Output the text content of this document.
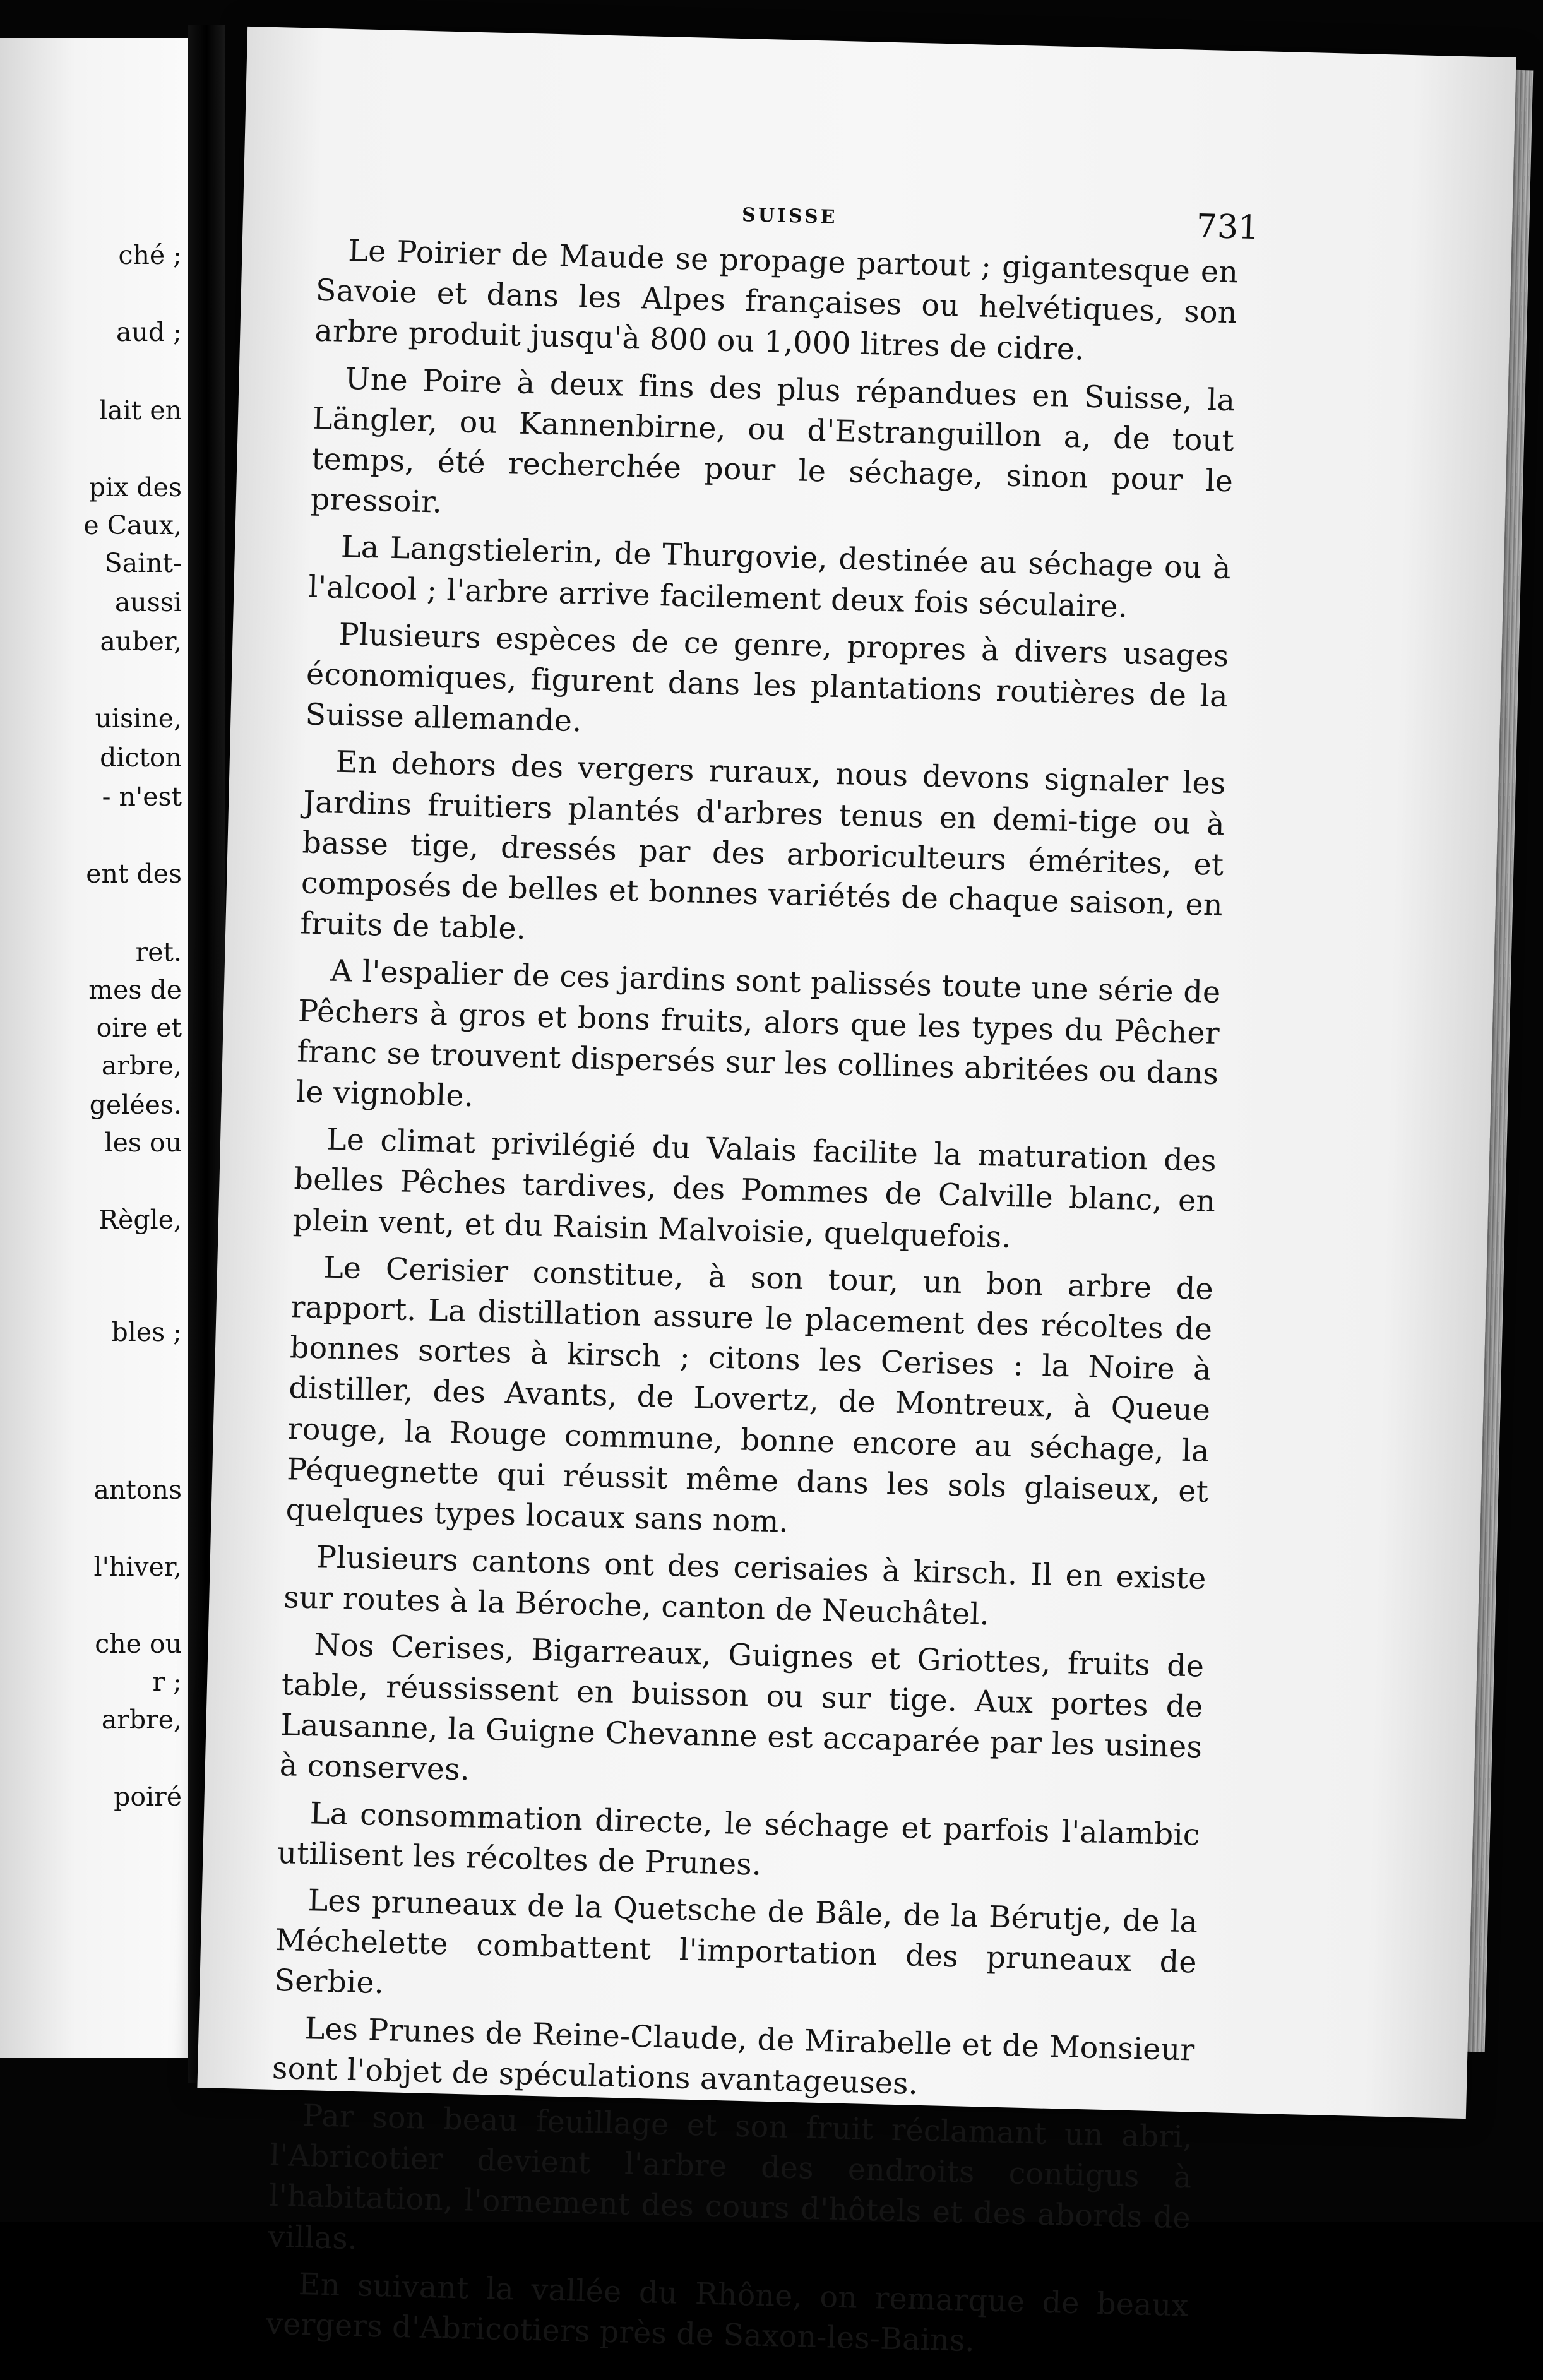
ché ;
aud ;
lait en
pix des
e Caux,
Saint-
aussi
auber,
uisine,
dicton
- n'est
ent des
ret.
mes de
oire et
arbre,
gelées.
les ou
Règle,
bles ;
antons
l'hiver,
che ou
r ;
arbre,
poiré
SUISSE	731

Le Poirier de Maude se propage partout ; gigantesque en Savoie et dans les Alpes françaises ou helvétiques, son arbre produit jusqu'à 800 ou 1,000 litres de cidre.

Une Poire à deux fins des plus répandues en Suisse, la Längler, ou Kannenbirne, ou d'Estranguillon a, de tout temps, été recherchée pour le séchage, sinon pour le pressoir.

La Langstielerin, de Thurgovie, destinée au séchage ou à l'alcool ; l'arbre arrive facilement deux fois séculaire.

Plusieurs espèces de ce genre, propres à divers usages économiques, figurent dans les plantations routières de la Suisse allemande.

En dehors des vergers ruraux, nous devons signaler les Jardins fruitiers plantés d'arbres tenus en demi-tige ou à basse tige, dressés par des arboriculteurs émérites, et composés de belles et bonnes variétés de chaque saison, en fruits de table.

A l'espalier de ces jardins sont palissés toute une série de Pêchers à gros et bons fruits, alors que les types du Pêcher franc se trouvent dispersés sur les collines abritées ou dans le vignoble.

Le climat privilégié du Valais facilite la maturation des belles Pêches tardives, des Pommes de Calville blanc, en plein vent, et du Raisin Malvoisie, quelquefois.

Le Cerisier constitue, à son tour, un bon arbre de rapport. La distillation assure le placement des récoltes de bonnes sortes à kirsch ; citons les Cerises : la Noire à distiller, des Avants, de Lovertz, de Montreux, à Queue rouge, la Rouge commune, bonne encore au séchage, la Péquegnette qui réussit même dans les sols glaiseux, et quelques types locaux sans nom.

Plusieurs cantons ont des cerisaies à kirsch. Il en existe sur routes à la Béroche, canton de Neuchâtel.

Nos Cerises, Bigarreaux, Guignes et Griottes, fruits de table, réussissent en buisson ou sur tige. Aux portes de Lausanne, la Guigne Chevanne est accaparée par les usines à conserves.

La consommation directe, le séchage et parfois l'alambic utilisent les récoltes de Prunes.

Les pruneaux de la Quetsche de Bâle, de la Bérutje, de la Méchelette combattent l'importation des pruneaux de Serbie.

Les Prunes de Reine-Claude, de Mirabelle et de Monsieur sont l'objet de spéculations avantageuses.

Par son beau feuillage et son fruit réclamant un abri, l'Abricotier devient l'arbre des endroits contigus à l'habitation, l'ornement des cours d'hôtels et des abords de villas.

En suivant la vallée du Rhône, on remarque de beaux vergers d'Abricotiers près de Saxon-les-Bains.
